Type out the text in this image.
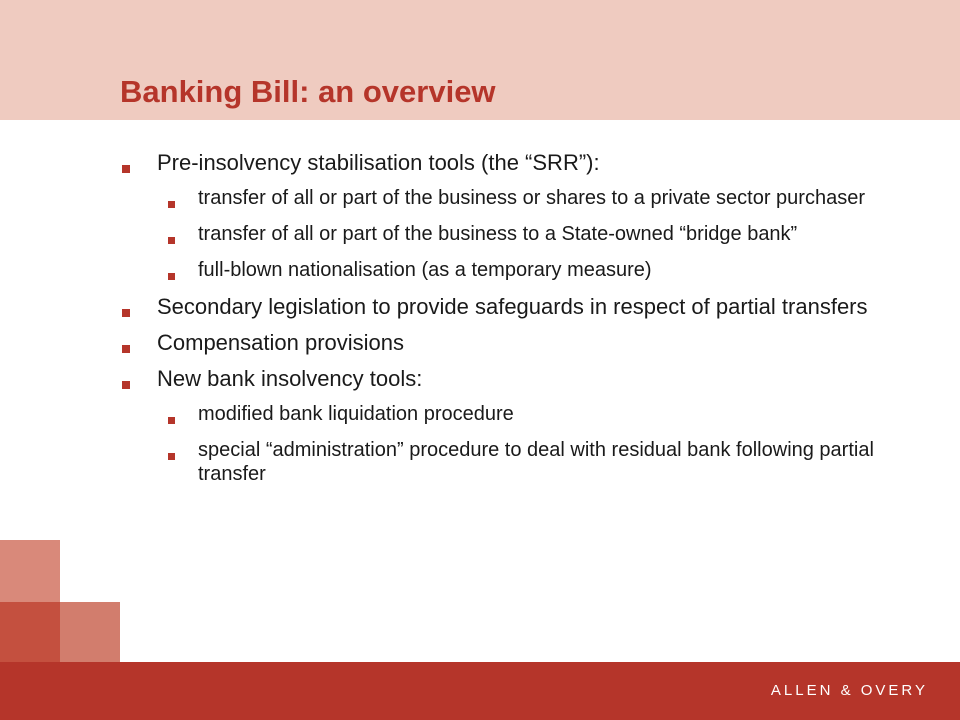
Banking Bill: an overview
Pre-insolvency stabilisation tools (the “SRR”):
transfer of all or part of the business or shares to a private sector purchaser
transfer of all or part of the business to a State-owned “bridge bank”
full-blown nationalisation (as a temporary measure)
Secondary legislation to provide safeguards in respect of partial transfers
Compensation provisions
New bank insolvency tools:
modified bank liquidation procedure
special “administration” procedure to deal with residual bank following partial transfer
ALLEN & OVERY
